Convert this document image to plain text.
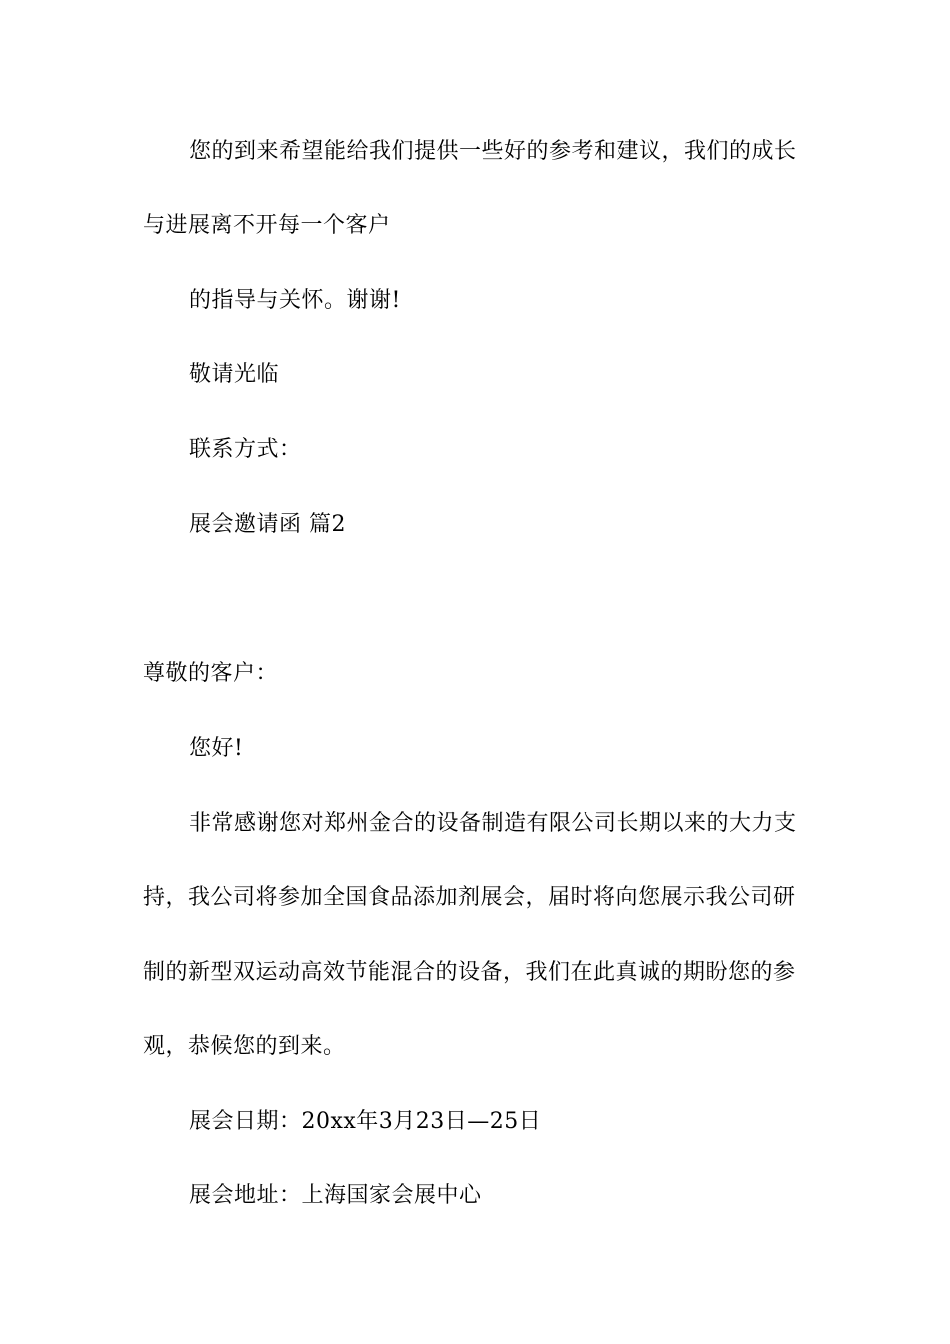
您的到来希望能给我们提供一些好的参考和建议，我们的成长
与进展离不开每一个客户
的指导与关怀。谢谢!
敬请光临
联系方式：
展会邀请函 篇2
尊敬的客户：
您好!
非常感谢您对郑州金合的设备制造有限公司长期以来的大力支
持，我公司将参加全国食品添加剂展会，届时将向您展示我公司研
制的新型双运动高效节能混合的设备，我们在此真诚的期盼您的参
观，恭候您的到来。
展会日期：20xx年3月23日—25日
展会地址：上海国家会展中心
